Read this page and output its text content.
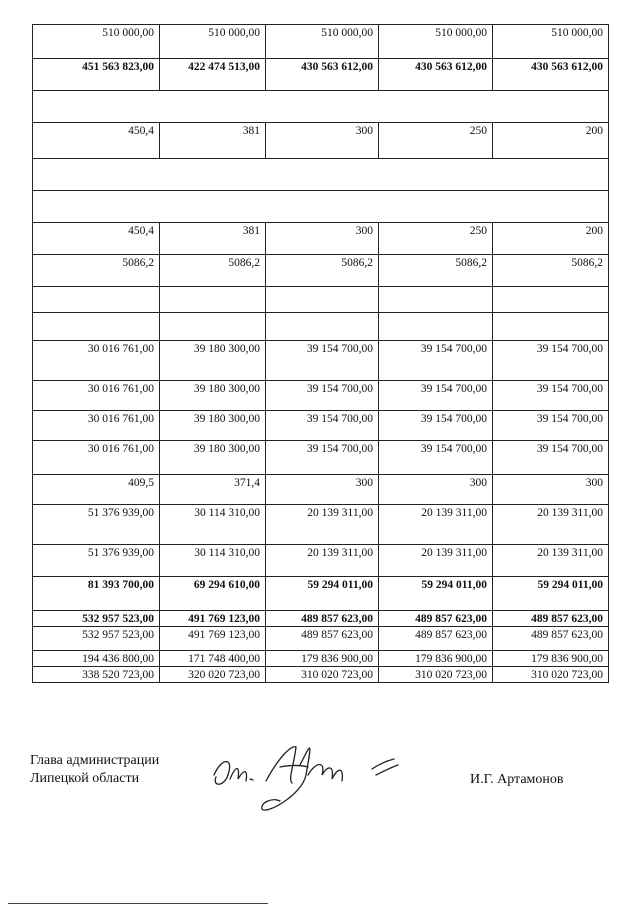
510 000,00	510 000,00	510 000,00	510 000,00	510 000,00
451 563 823,00	422 474 513,00	430 563 612,00	430 563 612,00	430 563 612,00

450,4	381	300	250	200

450,4	381	300	250	200
5086,2	5086,2	5086,2	5086,2	5086,2

30 016 761,00	39 180 300,00	39 154 700,00	39 154 700,00	39 154 700,00
30 016 761,00	39 180 300,00	39 154 700,00	39 154 700,00	39 154 700,00
30 016 761,00	39 180 300,00	39 154 700,00	39 154 700,00	39 154 700,00
30 016 761,00	39 180 300,00	39 154 700,00	39 154 700,00	39 154 700,00
409,5	371,4	300	300	300
51 376 939,00	30 114 310,00	20 139 311,00	20 139 311,00	20 139 311,00
51 376 939,00	30 114 310,00	20 139 311,00	20 139 311,00	20 139 311,00
81 393 700,00	69 294 610,00	59 294 011,00	59 294 011,00	59 294 011,00
532 957 523,00	491 769 123,00	489 857 623,00	489 857 623,00	489 857 623,00
532 957 523,00	491 769 123,00	489 857 623,00	489 857 623,00	489 857 623,00
194 436 800,00	171 748 400,00	179 836 900,00	179 836 900,00	179 836 900,00
338 520 723,00	320 020 723,00	310 020 723,00	310 020 723,00	310 020 723,00
Глава администрации
Липецкой области	И.Г. Артамонов
